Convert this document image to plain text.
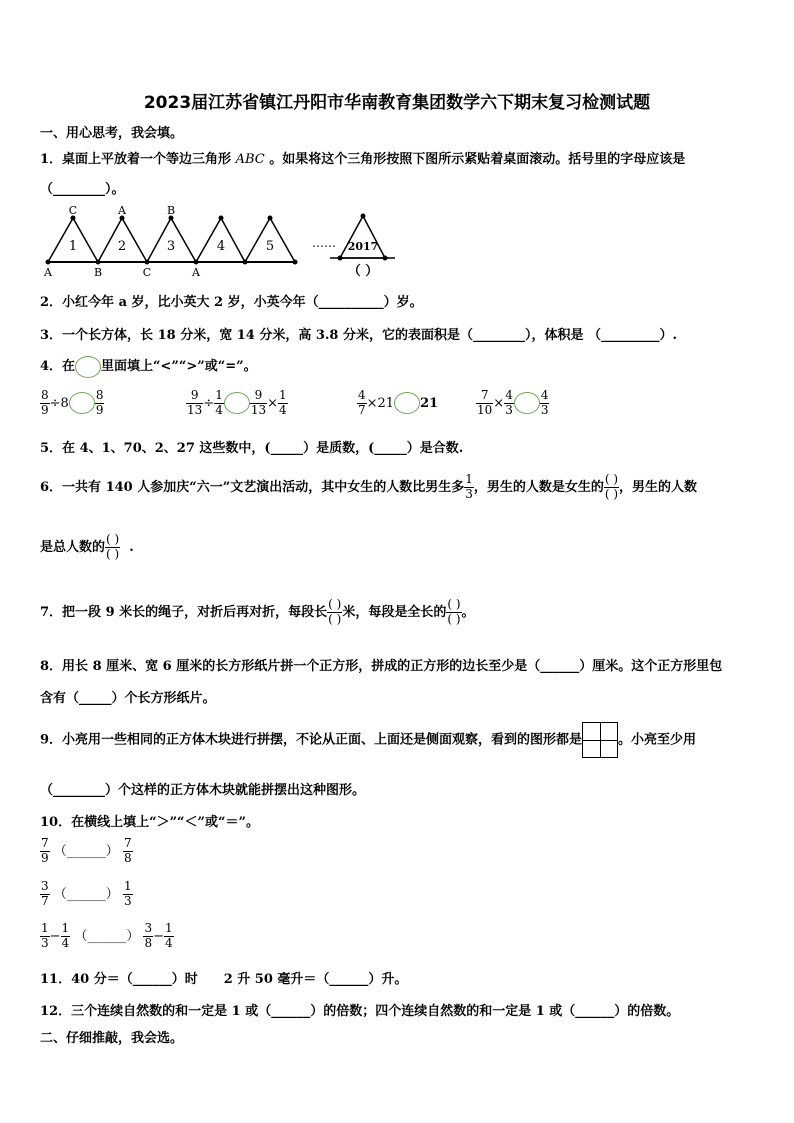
2023届江苏省镇江丹阳市华南教育集团数学六下期末复习检测试题
一、用心思考，我会填。
1．桌面上平放着一个等边三角形 ABC 。如果将这个三角形按照下图所示紧贴着桌面滚动。括号里的字母应该是
（________）。
1	2	3	4	5
C	A	B
A	B	C	A
…… 2017
（ ）
2．小红今年 a 岁，比小英大 2 岁，小英今年（__________）岁。
3．一个长方体，长 18 分米，宽 14 分米，高 3.8 分米，它的表面积是（________），体积是 （_________）.
4．在 里面填上“<”“>”或“=”。
$\frac{8}{9} \div 8 \frac{8}{9}$	$\frac{9}{13} \div \frac{1}{4} \frac{9}{13} \times \frac{1}{4}$	$\frac{4}{7} \times 21$ 21	$\frac{7}{10} \times \frac{4}{3} \frac{4}{3}$
5．在 4、1、70、2、27 这些数中，(_____）是质数，(_____）是合数.
6．一共有 140 人参加庆“六一”文艺演出活动，其中女生的人数比男生多 $\frac{1}{3}$ ，男生的人数是女生的 $\frac{( )}{( )}$ ，男生的人数
是总人数的 $\frac{( )}{( )}$ .
7．把一段 9 米长的绳子，对折后再对折，每段长 $\frac{( )}{( )}$ 米，每段是全长的 $\frac{( )}{( )}$ 。
8．用长 8 厘米、宽 6 厘米的长方形纸片拼一个正方形，拼成的正方形的边长至少是（______）厘米。这个正方形里包
含有（_____）个长方形纸片。
9．小亮用一些相同的正方体木块进行拼摆，不论从正面、上面还是侧面观察，看到的图形都是	。小亮至少用
（________）个这样的正方体木块就能拼摆出这种图形。
10．在横线上填上“＞”“＜”或“＝”。
$\frac{7}{9}$ （______） $\frac{7}{8}$
$\frac{3}{7}$ （______） $\frac{1}{3}$
$\frac{1}{3} - \frac{1}{4}$ （______） $\frac{3}{8} - \frac{1}{4}$
11．40 分＝（______）时　　2 升 50 毫升＝（______）升。
12．三个连续自然数的和一定是 1 或（______）的倍数；四个连续自然数的和一定是 1 或（______）的倍数。
二、仔细推敲，我会选。
